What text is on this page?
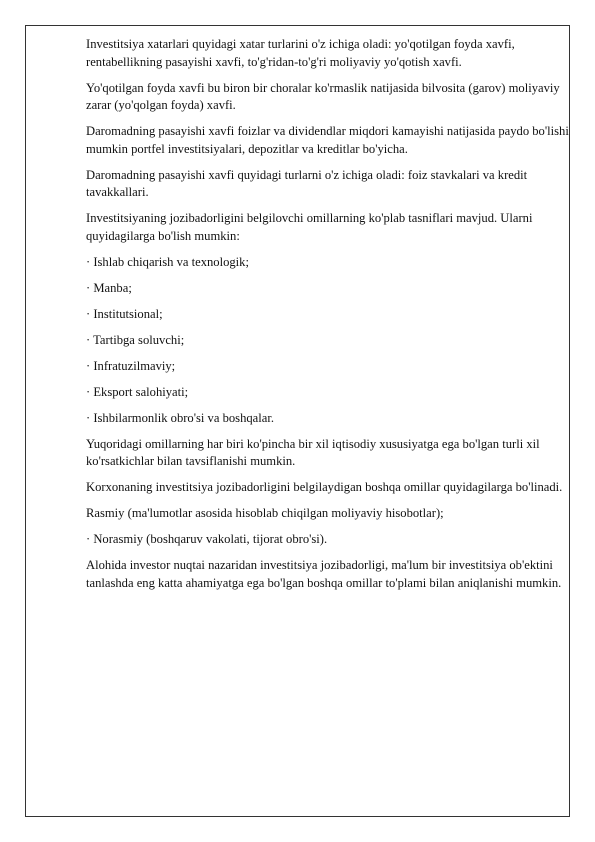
Investitsiya xatarlari quyidagi xatar turlarini o'z ichiga oladi: yo'qotilgan foyda xavfi, rentabellikning pasayishi xavfi, to'g'ridan-to'g'ri moliyaviy yo'qotish xavfi.

Yo'qotilgan foyda xavfi bu biron bir choralar ko'rmaslik natijasida bilvosita (garov) moliyaviy zarar (yo'qolgan foyda) xavfi.

Daromadning pasayishi xavfi foizlar va dividendlar miqdori kamayishi natijasida paydo bo'lishi mumkin portfel investitsiyalari, depozitlar va kreditlar bo'yicha.

Daromadning pasayishi xavfi quyidagi turlarni o'z ichiga oladi: foiz stavkalari va kredit tavakkallari.

Investitsiyaning jozibadorligini belgilovchi omillarning ko'plab tasniflari mavjud. Ularni quyidagilarga bo'lish mumkin:

· Ishlab chiqarish va texnologik;

· Manba;

· Institutsional;

· Tartibga soluvchi;

· Infratuzilmaviy;

· Eksport salohiyati;

· Ishbilarmonlik obro'si va boshqalar.

Yuqoridagi omillarning har biri ko'pincha bir xil iqtisodiy xususiyatga ega bo'lgan turli xil ko'rsatkichlar bilan tavsiflanishi mumkin.

Korxonaning investitsiya jozibadorligini belgilaydigan boshqa omillar quyidagilarga bo'linadi.

Rasmiy (ma'lumotlar asosida hisoblab chiqilgan moliyaviy hisobotlar);

· Norasmiy (boshqaruv vakolati, tijorat obro'si).

Alohida investor nuqtai nazaridan investitsiya jozibadorligi, ma'lum bir investitsiya ob'ektini tanlashda eng katta ahamiyatga ega bo'lgan boshqa omillar to'plami bilan aniqlanishi mumkin.
